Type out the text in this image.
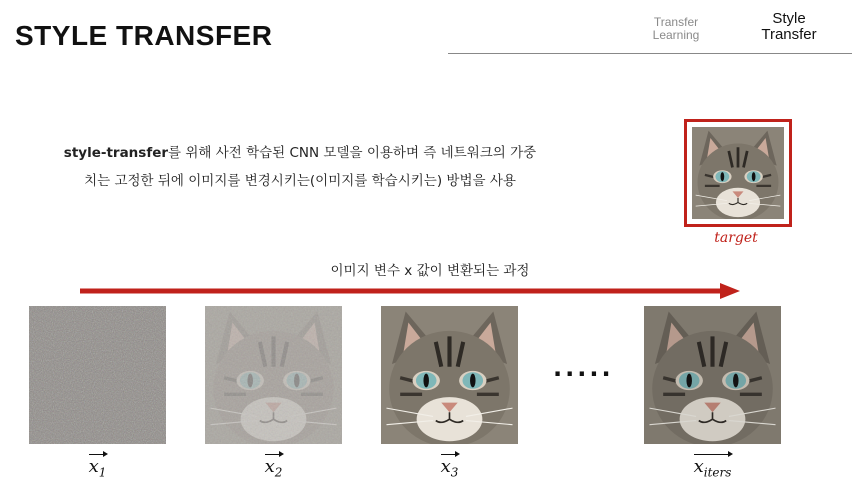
STYLE TRANSFER	Transfer
Learning
Style
Transfer
style-transfer를 위해 사전 학습된 CNN 모델을 이용하며 즉 네트워크의 가중
치는 고정한 뒤에 이미지를 변경시키는(이미지를 학습시키는) 방법을 사용
target
이미지 변수 x 값이 변환되는 과정
·····
$x_1$	$x_2$	$x_3$	$x_{iters}$
